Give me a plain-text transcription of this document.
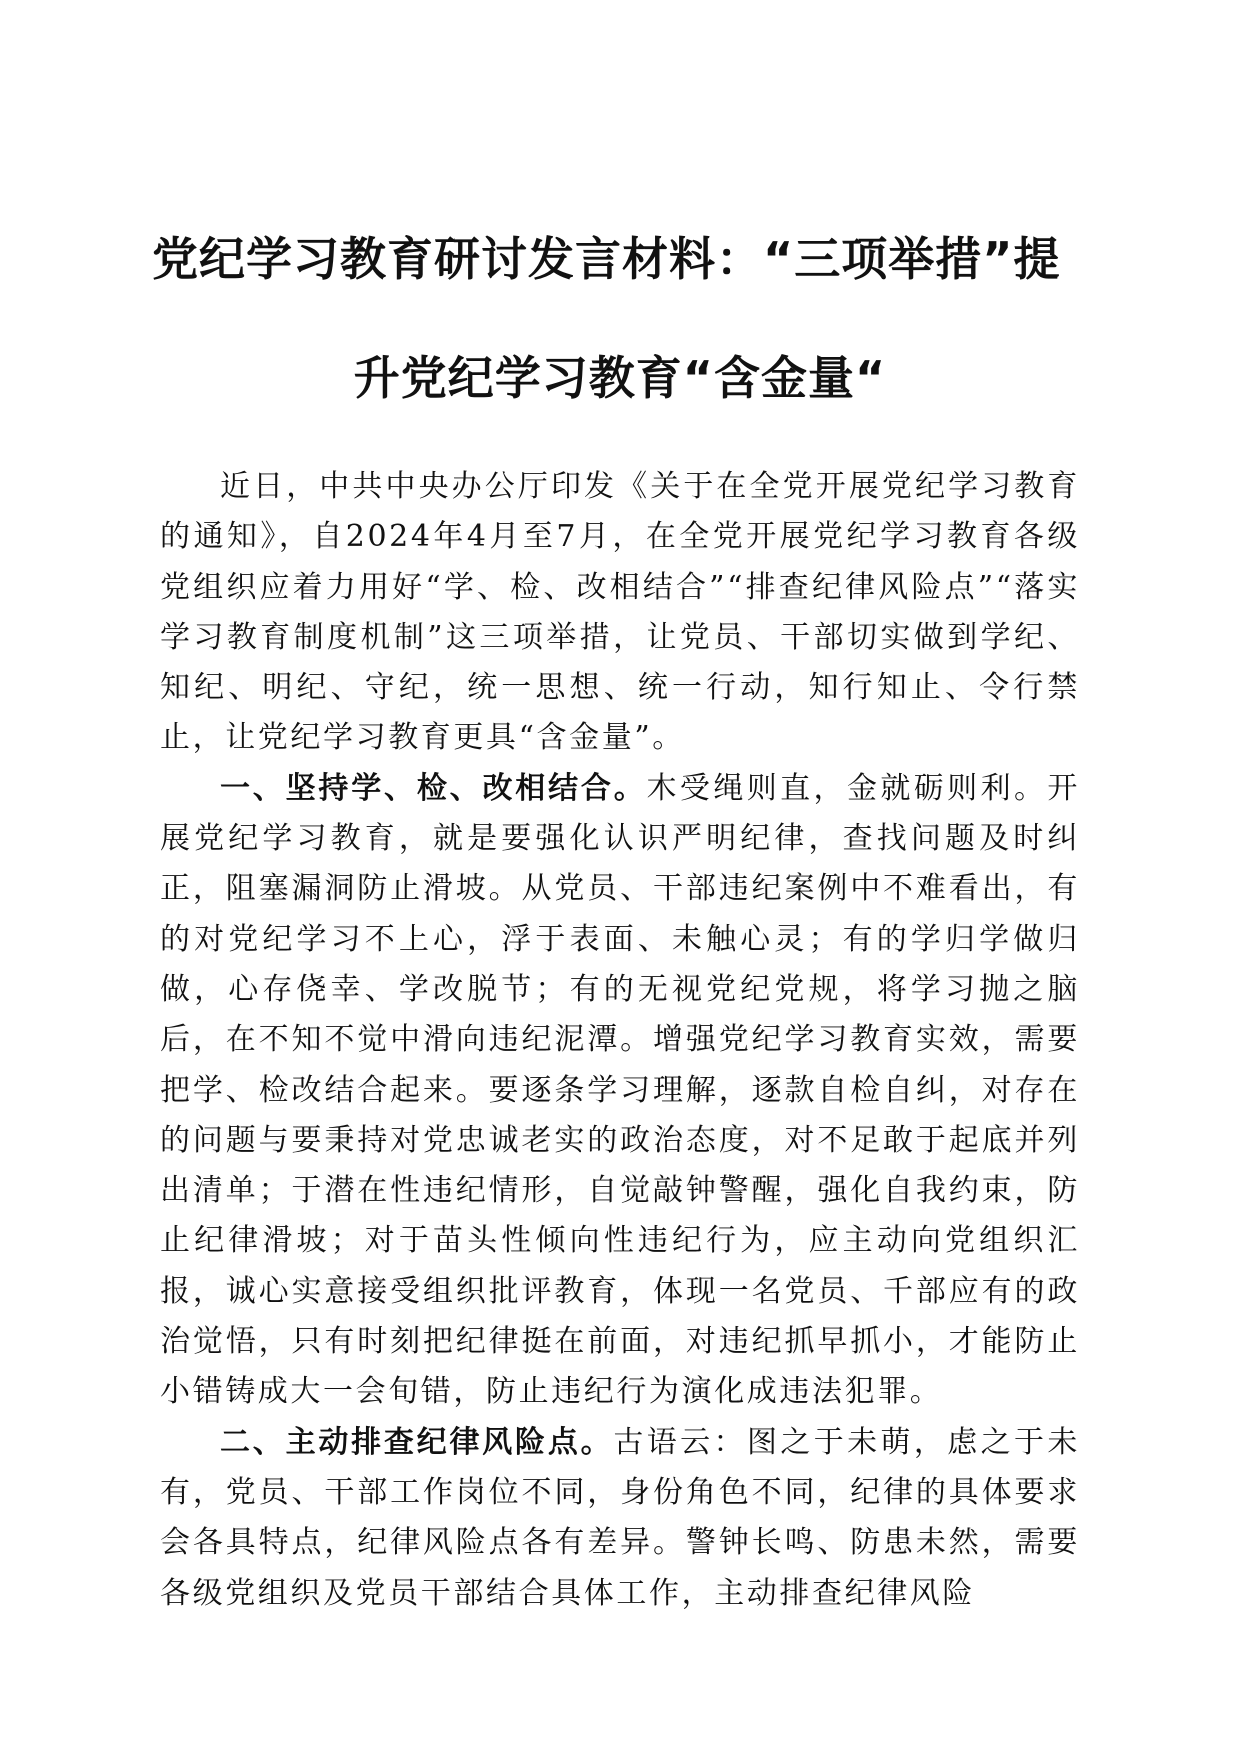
党纪学习教育研讨发言材料：“三项举措”提
升党纪学习教育“含金量“

近日，中共中央办公厅印发《关于在全党开展党纪学习教育的通知》，自2024年4月至7月，在全党开展党纪学习教育各级党组织应着力用好“学、检、改相结合”“排查纪律风险点”“落实学习教育制度机制”这三项举措，让党员、干部切实做到学纪、知纪、明纪、守纪，统一思想、统一行动，知行知止、令行禁止，让党纪学习教育更具“含金量”。

一、坚持学、检、改相结合。木受绳则直，金就砺则利。开展党纪学习教育，就是要强化认识严明纪律，查找问题及时纠正，阻塞漏洞防止滑坡。从党员、干部违纪案例中不难看出，有的对党纪学习不上心，浮于表面、未触心灵；有的学归学做归做，心存侥幸、学改脱节；有的无视党纪党规，将学习抛之脑后，在不知不觉中滑向违纪泥潭。增强党纪学习教育实效，需要把学、检改结合起来。要逐条学习理解，逐款自检自纠，对存在的问题与要秉持对党忠诚老实的政治态度，对不足敢于起底并列出清单；于潜在性违纪情形，自觉敲钟警醒，强化自我约束，防止纪律滑坡；对于苗头性倾向性违纪行为，应主动向党组织汇报，诚心实意接受组织批评教育，体现一名党员、千部应有的政治觉悟，只有时刻把纪律挺在前面，对违纪抓早抓小，才能防止小错铸成大一会旬错，防止违纪行为演化成违法犯罪。

二、主动排查纪律风险点。古语云：图之于未萌，虑之于未有，党员、干部工作岗位不同，身份角色不同，纪律的具体要求会各具特点，纪律风险点各有差异。警钟长鸣、防患未然，需要各级党组织及党员干部结合具体工作，主动排查纪律风险
